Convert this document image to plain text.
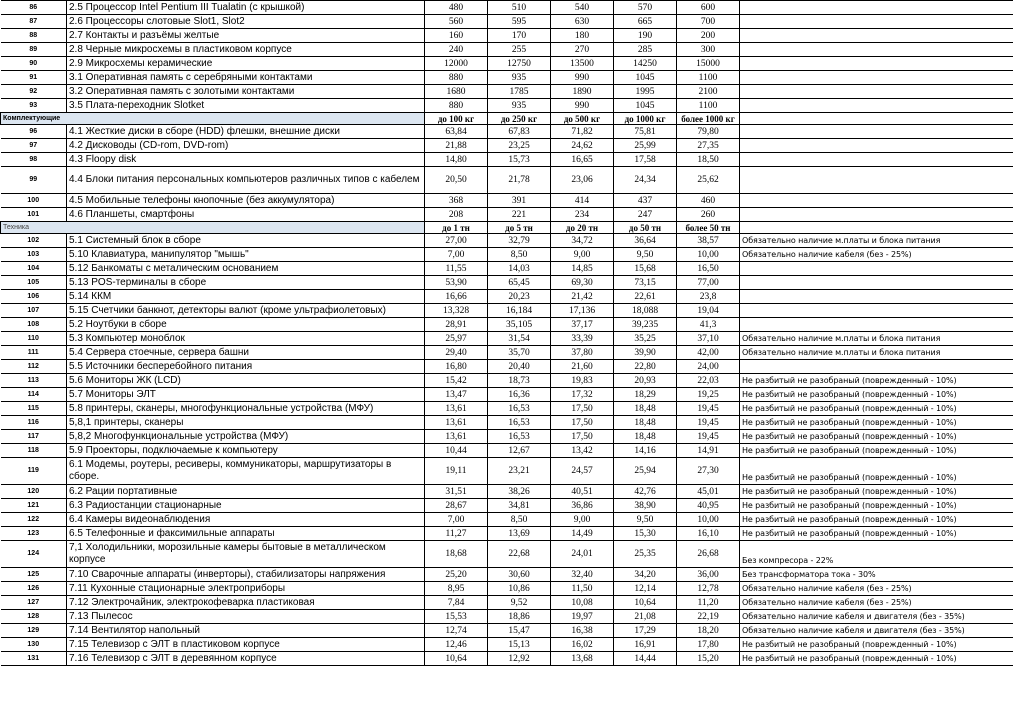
86	2.5 Процессор Intel Pentium III Tualatin (с крышкой)	480	510	540	570	600	
87	2.6 Процессоры слотовые Slot1, Slot2	560	595	630	665	700	
88	2.7 Контакты и разъёмы желтые	160	170	180	190	200	
89	2.8 Черные микросхемы в пластиковом корпусе	240	255	270	285	300	
90	2.9 Микросхемы керамические	12000	12750	13500	14250	15000	
91	3.1 Оперативная память с серебряными контактами	880	935	990	1045	1100	
92	3.2 Оперативная память с золотыми контактами	1680	1785	1890	1995	2100	
93	3.5 Плата-переходник Slotket	880	935	990	1045	1100	
Комплектующие		до 100 кг	до 250 кг	до 500 кг	до 1000 кг	более 1000 кг	
96	4.1 Жесткие диски в сборе (HDD) флешки, внешние диски	63,84	67,83	71,82	75,81	79,80	
97	4.2 Дисководы (CD-rom, DVD-rom)	21,88	23,25	24,62	25,99	27,35	
98	4.3 Floopy disk	14,80	15,73	16,65	17,58	18,50	
99	4.4 Блоки питания персональных компьютеров различных типов с кабелем	20,50	21,78	23,06	24,34	25,62	
100	4.5 Мобильные телефоны кнопочные (без аккумулятора)	368	391	414	437	460	
101	4.6 Планшеты, смартфоны	208	221	234	247	260	
Техника		до 1 тн	до 5 тн	до 20 тн	до 50 тн	более 50 тн	
102	5.1 Системный блок в сборе	27,00	32,79	34,72	36,64	38,57	Обязательно наличие м.платы и блока питания
103	5.10 Клавиатура, манипулятор "мышь"	7,00	8,50	9,00	9,50	10,00	Обязательно наличие кабеля (без - 25%)
104	5.12 Банкоматы с металическим основанием	11,55	14,03	14,85	15,68	16,50	
105	5.13 POS-терминалы в сборе	53,90	65,45	69,30	73,15	77,00	
106	5.14 ККМ	16,66	20,23	21,42	22,61	23,8	
107	5.15 Счетчики банкнот, детекторы валют (кроме ультрафиолетовых)	13,328	16,184	17,136	18,088	19,04	
108	5.2 Ноутбуки в сборе	28,91	35,105	37,17	39,235	41,3	
110	5.3 Компьютер моноблок	25,97	31,54	33,39	35,25	37,10	Обязательно наличие м.платы и блока питания
111	5.4 Сервера стоечные, сервера башни	29,40	35,70	37,80	39,90	42,00	Обязательно наличие м.платы и блока питания
112	5.5 Источники бесперебойного питания	16,80	20,40	21,60	22,80	24,00	
113	5.6 Мониторы ЖК (LCD)	15,42	18,73	19,83	20,93	22,03	Не разбитый не разобраный (поврежденный - 10%)
114	5.7 Мониторы ЭЛТ	13,47	16,36	17,32	18,29	19,25	Не разбитый не разобраный (поврежденный - 10%)
115	5.8 принтеры, сканеры, многофункциональные устройства (МФУ)	13,61	16,53	17,50	18,48	19,45	Не разбитый не разобраный (поврежденный - 10%)
116	5,8,1 принтеры, сканеры	13,61	16,53	17,50	18,48	19,45	Не разбитый не разобраный (поврежденный - 10%)
117	5,8,2 Многофункциональные устройства (МФУ)	13,61	16,53	17,50	18,48	19,45	Не разбитый не разобраный (поврежденный - 10%)
118	5.9 Проекторы, подключаемые к компьютеру	10,44	12,67	13,42	14,16	14,91	Не разбитый не разобраный (поврежденный - 10%)
119	6.1 Модемы, роутеры, ресиверы, коммуникаторы, маршрутизаторы в сборе.	19,11	23,21	24,57	25,94	27,30	Не разбитый не разобраный (поврежденный - 10%)
120	6.2 Рации портативные	31,51	38,26	40,51	42,76	45,01	Не разбитый не разобраный (поврежденный - 10%)
121	6.3 Радиостанции стационарные	28,67	34,81	36,86	38,90	40,95	Не разбитый не разобраный (поврежденный - 10%)
122	6.4 Камеры видеонаблюдения	7,00	8,50	9,00	9,50	10,00	Не разбитый не разобраный (поврежденный - 10%)
123	6.5 Телефонные и факсимильные аппараты	11,27	13,69	14,49	15,30	16,10	Не разбитый не разобраный (поврежденный - 10%)
124	7,1 Холодильники, морозильные камеры бытовые в металлическом корпусе	18,68	22,68	24,01	25,35	26,68	Без компресора - 22%
125	7.10 Сварочные аппараты (инверторы), стабилизаторы напряжения	25,20	30,60	32,40	34,20	36,00	Без трансформатора тока - 30%
126	7.11 Кухонные стационарные электроприборы	8,95	10,86	11,50	12,14	12,78	Обязательно наличие кабеля (без - 25%)
127	7.12 Электрочайник, электрокофеварка пластиковая	7,84	9,52	10,08	10,64	11,20	Обязательно наличие кабеля (без - 25%)
128	7.13 Пылесос	15,53	18,86	19,97	21,08	22,19	Обязательно наличие кабеля и двигателя (без - 35%)
129	7.14 Вентилятор напольный	12,74	15,47	16,38	17,29	18,20	Обязательно наличие кабеля и двигателя (без - 35%)
130	7.15 Телевизор с ЭЛТ в пластиковом корпусе	12,46	15,13	16,02	16,91	17,80	Не разбитый не разобраный (поврежденный - 10%)
131	7.16 Телевизор с ЭЛТ в деревянном корпусе	10,64	12,92	13,68	14,44	15,20	Не разбитый не разобраный (поврежденный - 10%)
